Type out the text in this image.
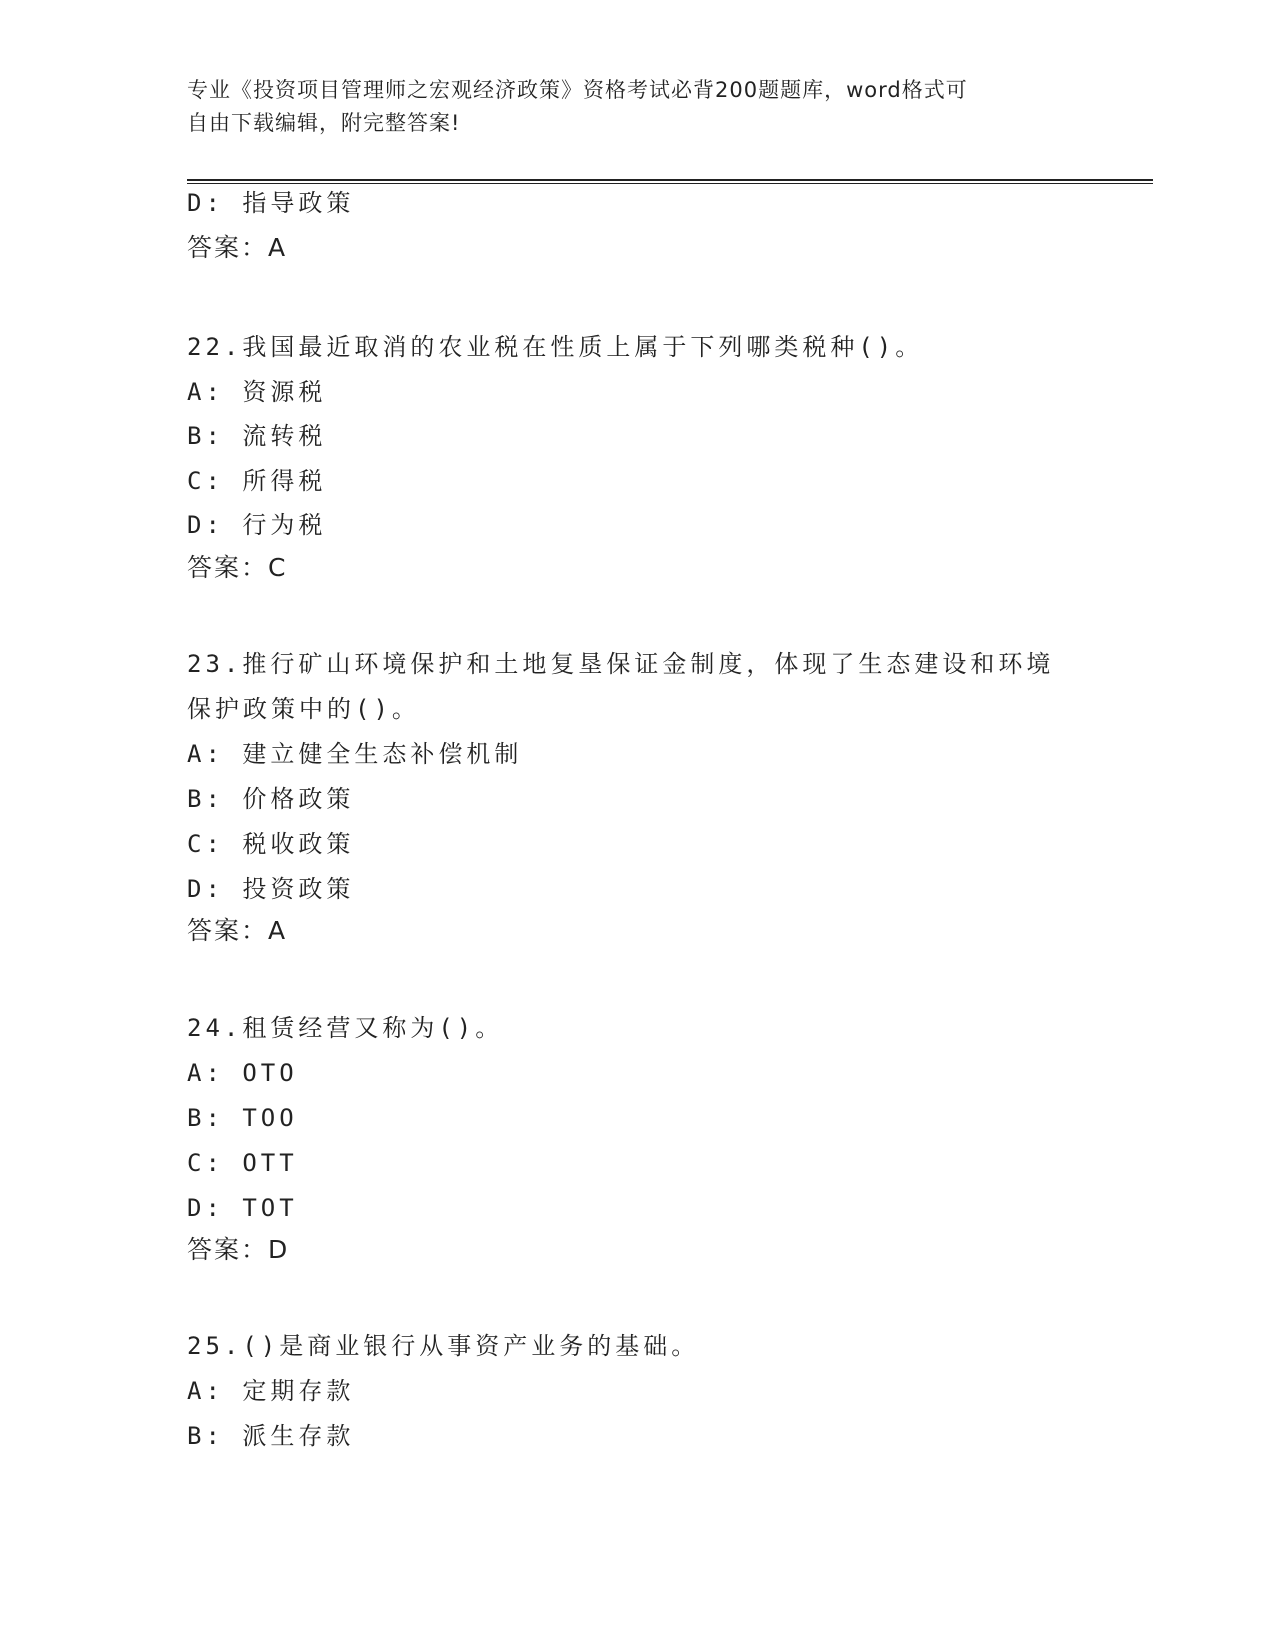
专业《投资项目管理师之宏观经济政策》资格考试必背200题题库，word格式可
自由下载编辑，附完整答案!
D: 指导政策
答案：A
22.我国最近取消的农业税在性质上属于下列哪类税种()。
A: 资源税
B: 流转税
C: 所得税
D: 行为税
答案：C
23.推行矿山环境保护和土地复垦保证金制度，体现了生态建设和环境
保护政策中的()。
A: 建立健全生态补偿机制
B: 价格政策
C: 税收政策
D: 投资政策
答案：A
24.租赁经营又称为()。
A: OTO
B: TOO
C: OTT
D: TOT
答案：D
25.()是商业银行从事资产业务的基础。
A: 定期存款
B: 派生存款
